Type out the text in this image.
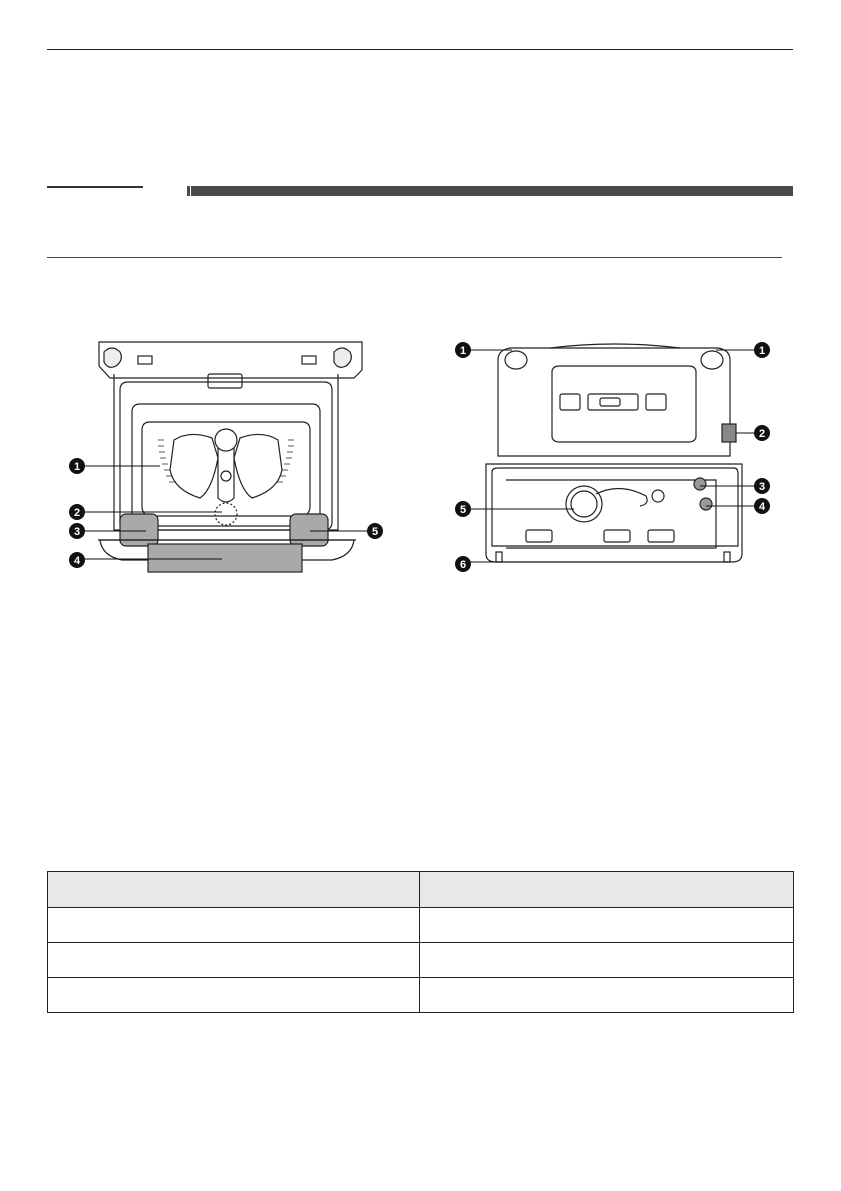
1
2
3
4
5
1	1
2
3
4
5
6
